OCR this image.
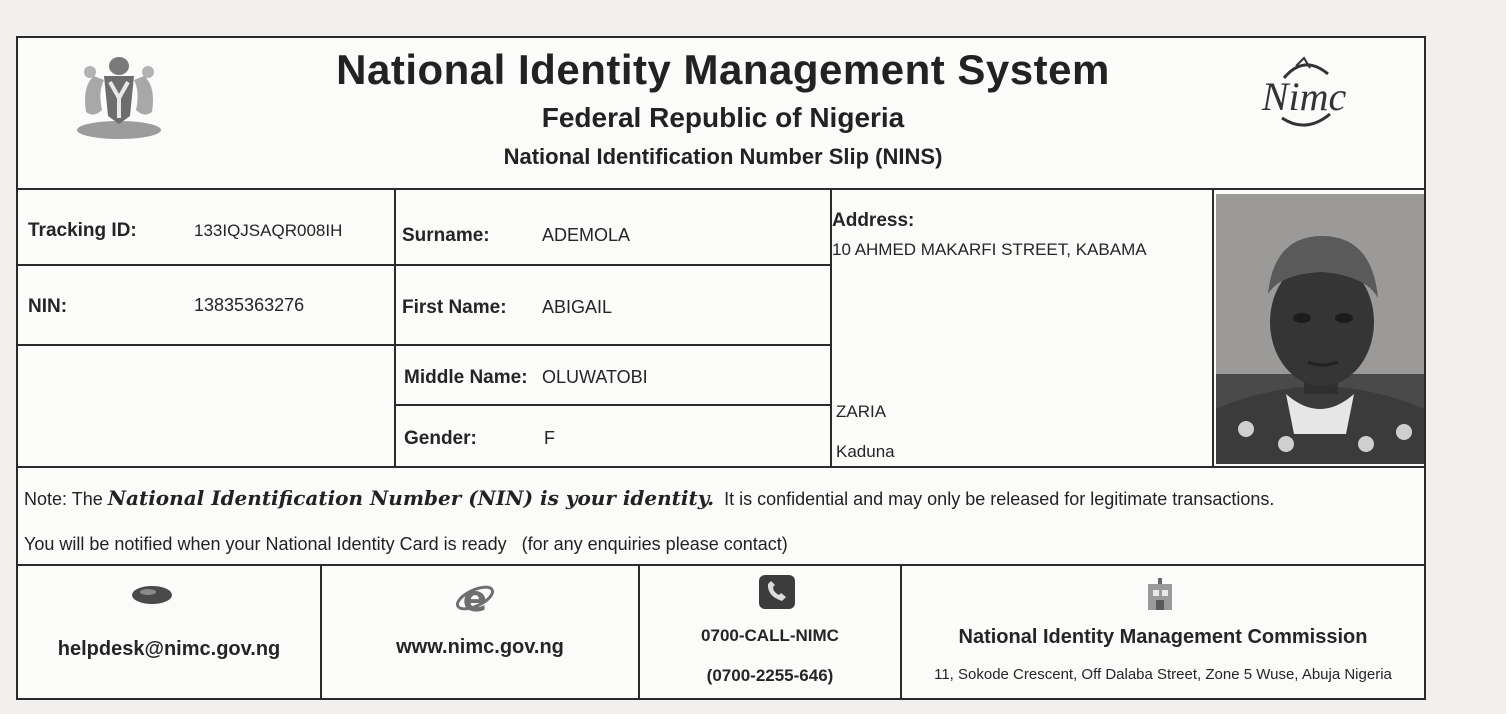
National Identity Management System
Federal Republic of Nigeria
National Identification Number Slip (NINS)
Nimc
Tracking ID:	133IQJSAQR008IH
NIN:	13835363276
Surname:	ADEMOLA
First Name: ABIGAIL
Middle Name: OLUWATOBI
Gender:	F
Address:
10 AHMED MAKARFI STREET, KABAMA
ZARIA
Kaduna
Note: The National Identification Number (NIN) is your identity. It is confidential and may only be released for legitimate transactions.
You will be notified when your National Identity Card is ready   (for any enquiries please contact)
e
helpdesk@nimc.gov.ng	www.nimc.gov.ng
0700-CALL-NIMC
(0700-2255-646)
National Identity Management Commission
11, Sokode Crescent, Off Dalaba Street, Zone 5 Wuse, Abuja Nigeria
